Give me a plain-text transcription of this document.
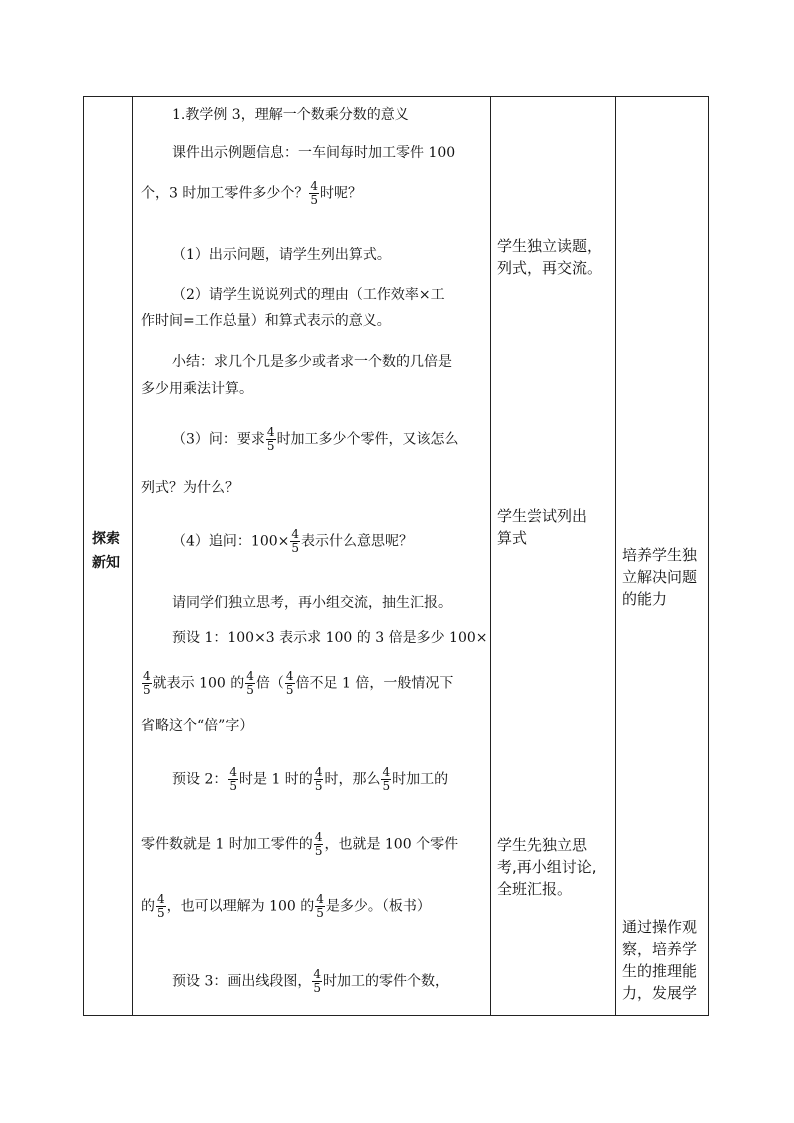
探索
新知
1.教学例 3，理解一个数乘分数的意义
课件出示例题信息：一车间每时加工零件 100
个，3 时加工零件多少个？ $\frac{4}{5}$ 时呢？
（1）出示问题，请学生列出算式。
（2）请学生说说列式的理由（工作效率×工
作时间=工作总量）和算式表示的意义。
小结：求几个几是多少或者求一个数的几倍是
多少用乘法计算。
（3）问：要求 $\frac{4}{5}$ 时加工多少个零件，又该怎么
列式？为什么？
（4）追问：$100\times \frac{4}{5}$ 表示什么意思呢？
请同学们独立思考，再小组交流，抽生汇报。
预设 1：100×3 表示求 100 的 3 倍是多少 100×
$\frac{4}{5}$ 就表示 100 的 $\frac{4}{5}$ 倍（ $\frac{4}{5}$ 倍不足 1 倍，一般情况下
省略这个“倍”字）
预设 2： $\frac{4}{5}$ 时是 1 时的 $\frac{4}{5}$ 时，那么 $\frac{4}{5}$ 时加工的
零件数就是 1 时加工零件的 $\frac{4}{5}$ ，也就是 100 个零件
的 $\frac{4}{5}$ ，也可以理解为 100 的 $\frac{4}{5}$ 是多少。（板书）
预设 3：画出线段图， $\frac{4}{5}$ 时加工的零件个数，
学生独立读题，
列式，再交流。
学生尝试列出
算式
学生先独立思
考,再小组讨论,
全班汇报。
培养学生独
立解决问题
的能力
通过操作观
察，培养学
生的推理能
力，发展学
